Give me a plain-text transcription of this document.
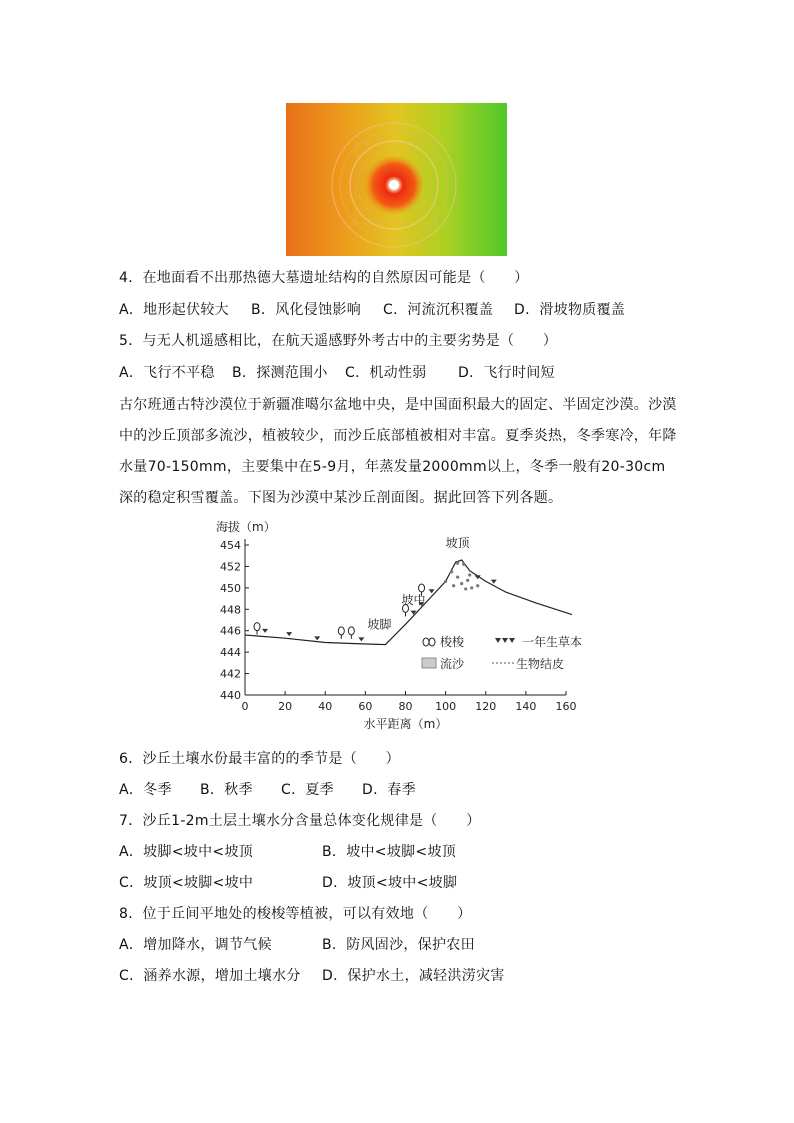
4．在地面看不出那热德大墓遗址结构的自然原因可能是（　　）
A．地形起伏较大 B．风化侵蚀影响 C．河流沉积覆盖 D．滑坡物质覆盖
5．与无人机遥感相比，在航天遥感野外考古中的主要劣势是（　　）
A．飞行不平稳 B．探测范围小 C．机动性弱 D．飞行时间短
古尔班通古特沙漠位于新疆准噶尔盆地中央，是中国面积最大的固定、半固定沙漠。沙漠中的沙丘顶部多流沙，植被较少，而沙丘底部植被相对丰富。夏季炎热，冬季寒冷，年降水量70-150mm，主要集中在5-9月，年蒸发量2000mm以上，冬季一般有20-30cm深的稳定积雪覆盖。下图为沙漠中某沙丘剖面图。据此回答下列各题。
440
442
444
446
448
450
452
454
0	20 40 60 80 100 120 140 160
海拔（m）
水平距离（m）
坡顶
坡中
坡脚
梭梭	一年生草本
流沙	生物结皮
6．沙丘土壤水份最丰富的的季节是（　　）
A．冬季 B．秋季 C．夏季 D．春季
7．沙丘1-2m土层土壤水分含量总体变化规律是（　　）
A．坡脚<坡中<坡顶	B．坡中<坡脚<坡顶
C．坡顶<坡脚<坡中	D．坡顶<坡中<坡脚
8．位于丘间平地处的梭梭等植被，可以有效地（　　）
A．增加降水，调节气候	B．防风固沙，保护农田
C．涵养水源，增加土壤水分 D．保护水土，减轻洪涝灾害
